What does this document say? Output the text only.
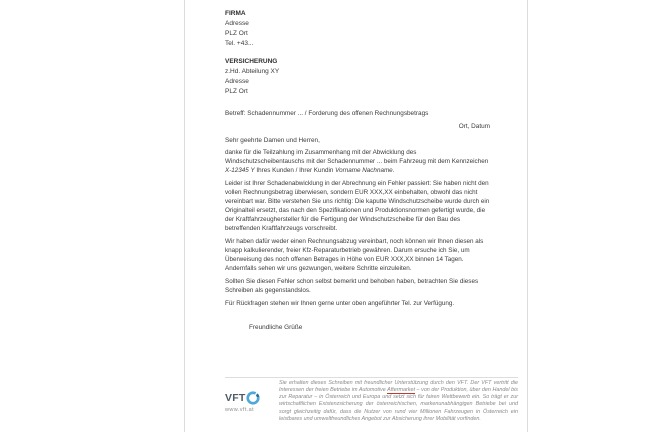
FIRMA
Adresse
PLZ Ort
Tel. +43...
VERSICHERUNG
z.Hd. Abteilung XY
Adresse
PLZ Ort
Betreff: Schadennummer ... / Forderung des offenen Rechnungsbetrags
Ort, Datum
Sehr geehrte Damen und Herren,

danke für die Teilzahlung im Zusammenhang mit der Abwicklung des Windschutzscheibentauschs mit der Schadennummer ... beim Fahrzeug mit dem Kennzeichen X-12345 Y Ihres Kunden / Ihrer Kundin Vorname Nachname.

Leider ist Ihrer Schadenabwicklung in der Abrechnung ein Fehler passiert: Sie haben nicht den vollen Rechnungsbetrag überwiesen, sondern EUR XXX,XX einbehalten, obwohl das nicht vereinbart war. Bitte verstehen Sie uns richtig: Die kaputte Windschutzscheibe wurde durch ein Originalteil ersetzt, das nach den Spezifikationen und Produktionsnormen gefertigt wurde, die der Kraftfahrzeughersteller für die Fertigung der Windschutzscheibe für den Bau des betreffenden Kraftfahrzeugs vorschreibt.

Wir haben dafür weder einen Rechnungsabzug vereinbart, noch können wir Ihnen diesen als knapp kalkulierender, freier Kfz-Reparaturbetrieb gewähren. Darum ersuche ich Sie, um Überweisung des noch offenen Betrages in Höhe von EUR XXX,XX binnen 14 Tagen. Andernfalls sehen wir uns gezwungen, weitere Schritte einzuleiten.

Sollten Sie diesen Fehler schon selbst bemerkt und behoben haben, betrachten Sie dieses Schreiben als gegenstandslos.

Für Rückfragen stehen wir Ihnen gerne unter oben angeführter Tel. zur Verfügung.

Freundliche Grüße
VFT
www.vft.at

Sie erhalten dieses Schreiben mit freundlicher Unterstützung durch den VFT. Der VFT vertritt die Interessen der freien Betriebe im Automotive Aftermarket – von der Produktion, über den Handel bis zur Reparatur – in Österreich und Europa und setzt sich für fairen Wettbewerb ein. So trägt er zur wirtschaftlichen Existenzsicherung der österreichischen, markenunabhängigen Betriebe bei und sorgt gleichzeitig dafür, dass die Nutzer von rund vier Millionen Fahrzeugen in Österreich ein leistbares und umweltfreundliches Angebot zur Absicherung ihrer Mobilität vorfinden.
